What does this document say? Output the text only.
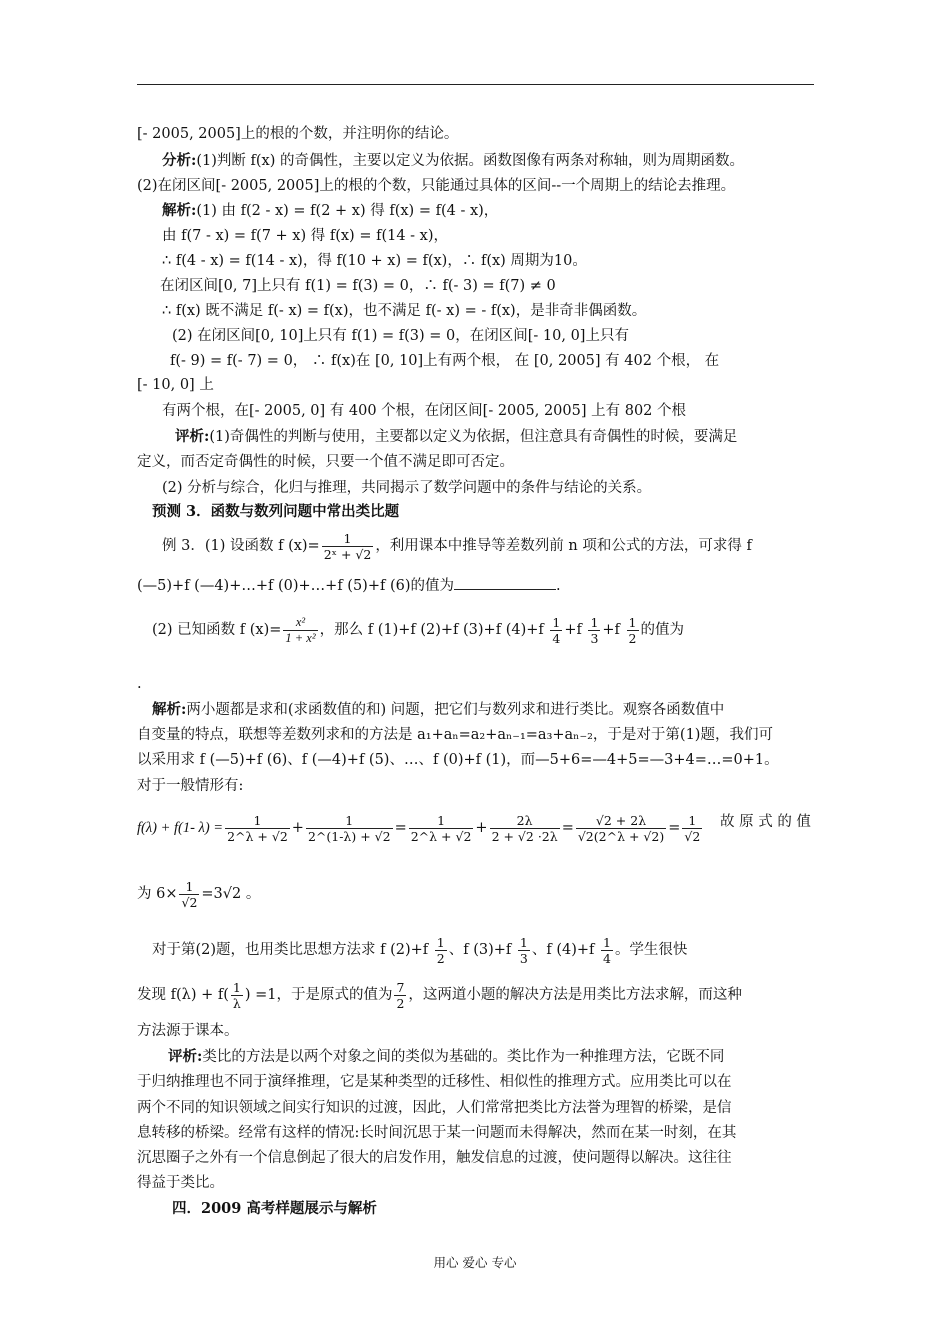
[- 2005, 2005]上的根的个数，并注明你的结论。
分析:(1)判断 f(x) 的奇偶性，主要以定义为依据。函数图像有两条对称轴，则为周期函数。
(2)在闭区间[- 2005, 2005]上的根的个数，只能通过具体的区间--一个周期上的结论去推理。
解析:(1) 由 f(2 - x) = f(2 + x) 得 f(x) = f(4 - x)，
由 f(7 - x) = f(7 + x) 得 f(x) = f(14 - x)，
∴ f(4 - x) = f(14 - x)，得 f(10 + x) = f(x)，∴ f(x) 周期为10。
在闭区间[0, 7]上只有 f(1) = f(3) = 0，∴ f(- 3) = f(7) ≠ 0
∴ f(x) 既不满足 f(- x) = f(x)，也不满足 f(- x) = - f(x)，是非奇非偶函数。
(2) 在闭区间[0, 10]上只有 f(1) = f(3) = 0，在闭区间[- 10, 0]上只有
f(- 9) = f(- 7) = 0， ∴ f(x)在 [0, 10]上有两个根， 在 [0, 2005] 有 402 个根， 在
[- 10, 0] 上
有两个根，在[- 2005, 0] 有 400 个根，在闭区间[- 2005, 2005] 上有 802 个根
评析:(1)奇偶性的判断与使用，主要都以定义为依据，但注意具有奇偶性的时候，要满足
定义，而否定奇偶性的时候，只要一个值不满足即可否定。
(2) 分析与综合，化归与推理，共同揭示了数学问题中的条件与结论的关系。
预测 3．函数与数列问题中常出类比题
例 3．(1) 设函数 f $(x)= \frac{1}{\text{2ˣ + √2}}$ ，利用课本中推导等差数列前 n 项和公式的方法，可求得 f
(—5)+f (—4)+…+f (0)+…+f (5)+f (6)的值为	.
(2) 已知函数 f $(x)= \frac{\text{x²}}{\text{1 + x²}}$ ，那么 f (1)+f (2)+f (3)+f $(4)+f \frac{1}{4} +f \frac{1}{3} +f \frac{1}{2}$ 的值为
.
解析:两小题都是求和(求函数值的和) 问题，把它们与数列求和进行类比。观察各函数值中
自变量的特点，联想等差数列求和的方法是 a₁+aₙ=a₂+aₙ₋₁=a₃+aₙ₋₂，于是对于第(1)题，我们可
以采用求 f (—5)+f (6)、f (—4)+f (5)、…、f (0)+f (1)，而—5+6=—4+5=—3+4=…=0+1。
对于一般情形有:
f(λ) + f(1- $\lambda) = \frac{1}{2\^{}\lambda + √2} + \frac{1}{2\^{}(1-\lambda) + √2} = \frac{1}{2\^{}\lambda + √2} + \frac{2\lambda}{2 + √2 \cdot 2\lambda} = \frac{√2 + 2\lambda}{√2(2\^{}\lambda + √2)} = \frac{1}{√2}$ 故 原 式 的 值
为 $6\times \frac{1}{√2} =3√2$ 。
对于第(2)题，也用类比思想方法求 f $(2)+f \frac{1}{2}$ 、f $(3)+f \frac{1}{3}$ 、f $(4)+f \frac{1}{4}$ 。学生很快
发现 $f(\lambda) + f( \frac{1}{\lambda}$ ) =1，于是原式的值为 $\frac{7}{2}$ ，这两道小题的解决方法是用类比方法求解，而这种
方法源于课本。
评析:类比的方法是以两个对象之间的类似为基础的。类比作为一种推理方法，它既不同
于归纳推理也不同于演绎推理，它是某种类型的迁移性、相似性的推理方式。应用类比可以在
两个不同的知识领域之间实行知识的过渡，因此，人们常常把类比方法誉为理智的桥梁，是信
息转移的桥梁。经常有这样的情况:长时间沉思于某一问题而未得解决，然而在某一时刻，在其
沉思圈子之外有一个信息倒起了很大的启发作用，触发信息的过渡，使问题得以解决。这往往
得益于类比。
四．2009 高考样题展示与解析
用心 爱心 专心
